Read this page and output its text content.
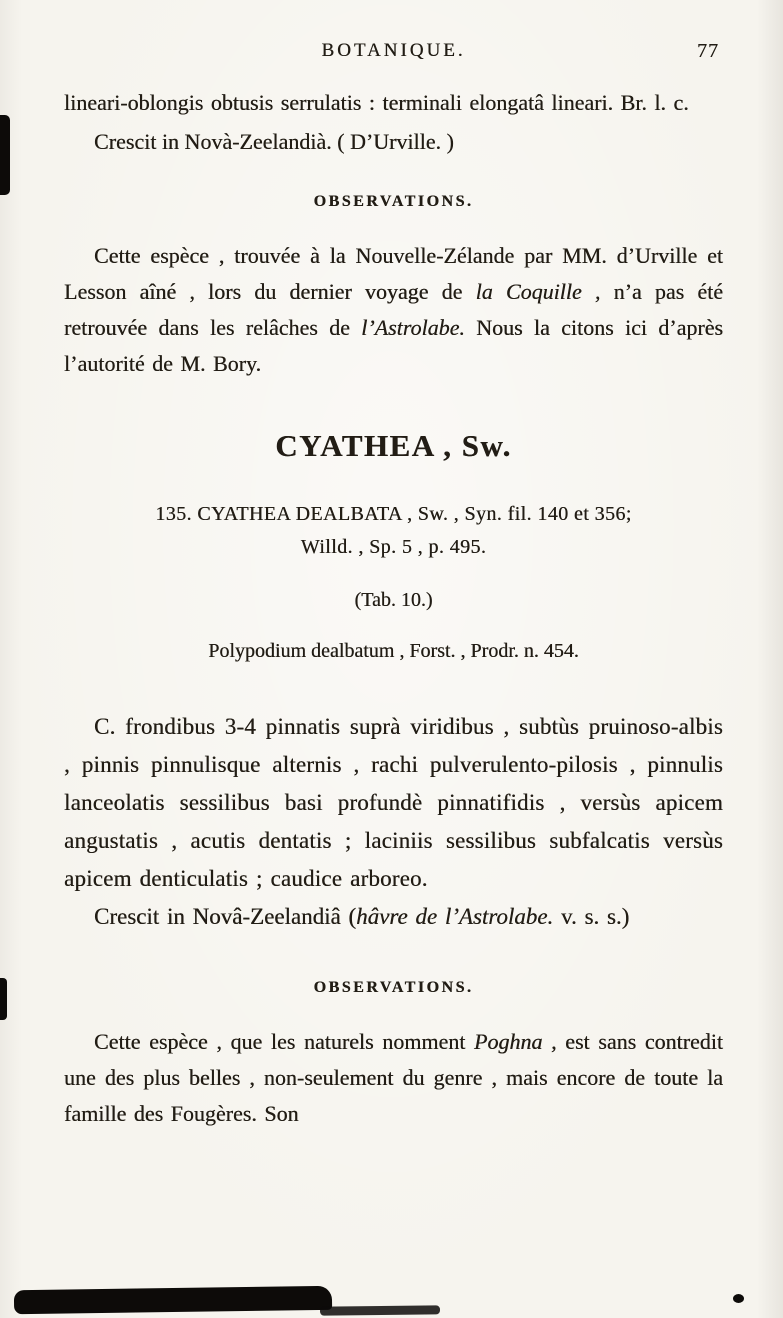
BOTANIQUE.	77

lineari-oblongis obtusis serrulatis : terminali elongatâ lineari. Br. l. c.

Crescit in Novà-Zeelandià. ( D’Urville. )

OBSERVATIONS.

Cette espèce , trouvée à la Nouvelle-Zélande par MM. d’Urville et Lesson aîné , lors du dernier voyage de la Coquille , n’a pas été retrouvée dans les relâches de l’Astrolabe. Nous la citons ici d’après l’autorité de M. Bory.

CYATHEA , Sw.
135. CYATHEA DEALBATA , Sw. , Syn. fil. 140 et 356;
Willd. , Sp. 5 , p. 495.

(Tab. 10.)

Polypodium dealbatum , Forst. , Prodr. n. 454.

C. frondibus 3-4 pinnatis suprà viridibus , subtùs pruinoso-albis , pinnis pinnulisque alternis , rachi pulverulento-pilosis , pinnulis lanceolatis sessilibus basi profundè pinnatifidis , versùs apicem angustatis , acutis dentatis ; laciniis sessilibus subfalcatis versùs apicem denticulatis ; caudice arboreo.

Crescit in Novâ-Zeelandiâ (hâvre de l’Astrolabe. v. s. s.)

OBSERVATIONS.

Cette espèce , que les naturels nomment Poghna , est sans contredit une des plus belles , non-seulement du genre , mais encore de toute la famille des Fougères. Son
